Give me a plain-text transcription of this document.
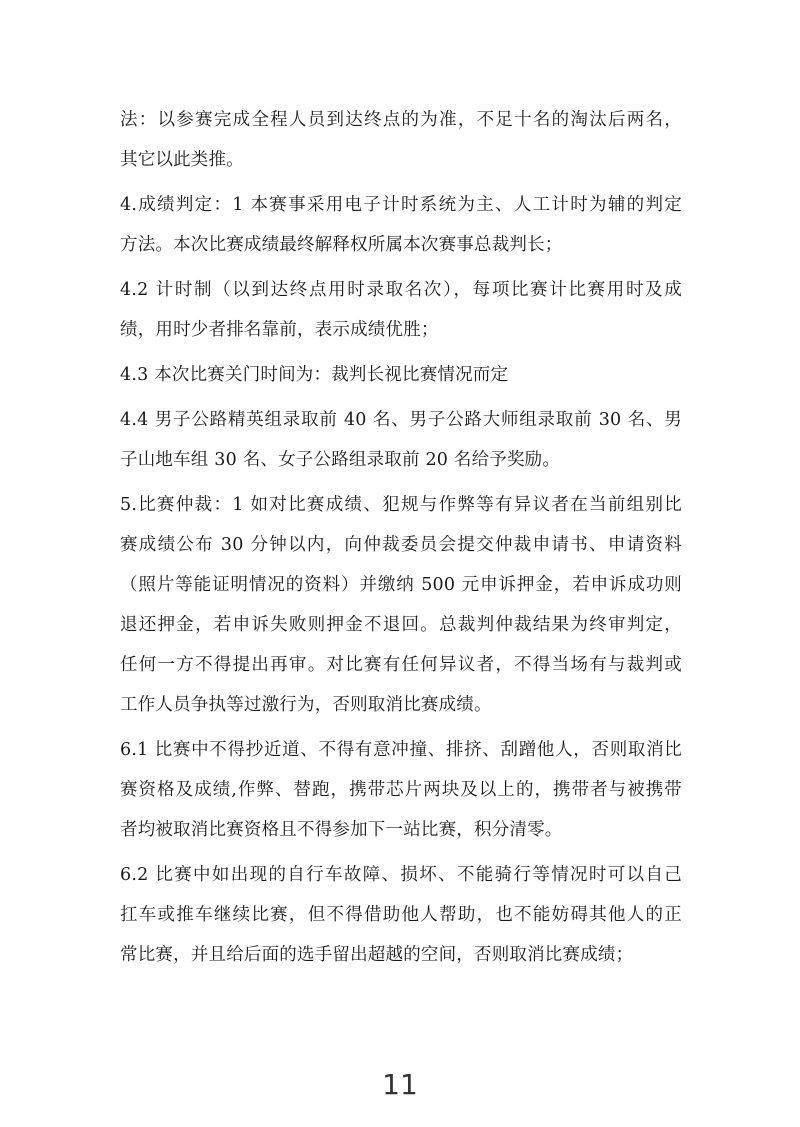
法：以参赛完成全程人员到达终点的为准，不足十名的淘汰后两名，
其它以此类推。
4.成绩判定：1 本赛事采用电子计时系统为主、人工计时为辅的判定
方法。本次比赛成绩最终解释权所属本次赛事总裁判长；
4.2 计时制（以到达终点用时录取名次），每项比赛计比赛用时及成
绩，用时少者排名靠前，表示成绩优胜；
4.3 本次比赛关门时间为：裁判长视比赛情况而定
4.4 男子公路精英组录取前 40 名、男子公路大师组录取前 30 名、男
子山地车组 30 名、女子公路组录取前 20 名给予奖励。
5.比赛仲裁：1 如对比赛成绩、犯规与作弊等有异议者在当前组别比
赛成绩公布 30 分钟以内，向仲裁委员会提交仲裁申请书、申请资料
（照片等能证明情况的资料）并缴纳 500 元申诉押金，若申诉成功则
退还押金，若申诉失败则押金不退回。总裁判仲裁结果为终审判定，
任何一方不得提出再审。对比赛有任何异议者，不得当场有与裁判或
工作人员争执等过激行为，否则取消比赛成绩。
6.1 比赛中不得抄近道、不得有意冲撞、排挤、刮蹭他人，否则取消比
赛资格及成绩,作弊、替跑，携带芯片两块及以上的，携带者与被携带
者均被取消比赛资格且不得参加下一站比赛，积分清零。
6.2 比赛中如出现的自行车故障、损坏、不能骑行等情况时可以自己
扛车或推车继续比赛，但不得借助他人帮助，也不能妨碍其他人的正
常比赛，并且给后面的选手留出超越的空间，否则取消比赛成绩；
11
